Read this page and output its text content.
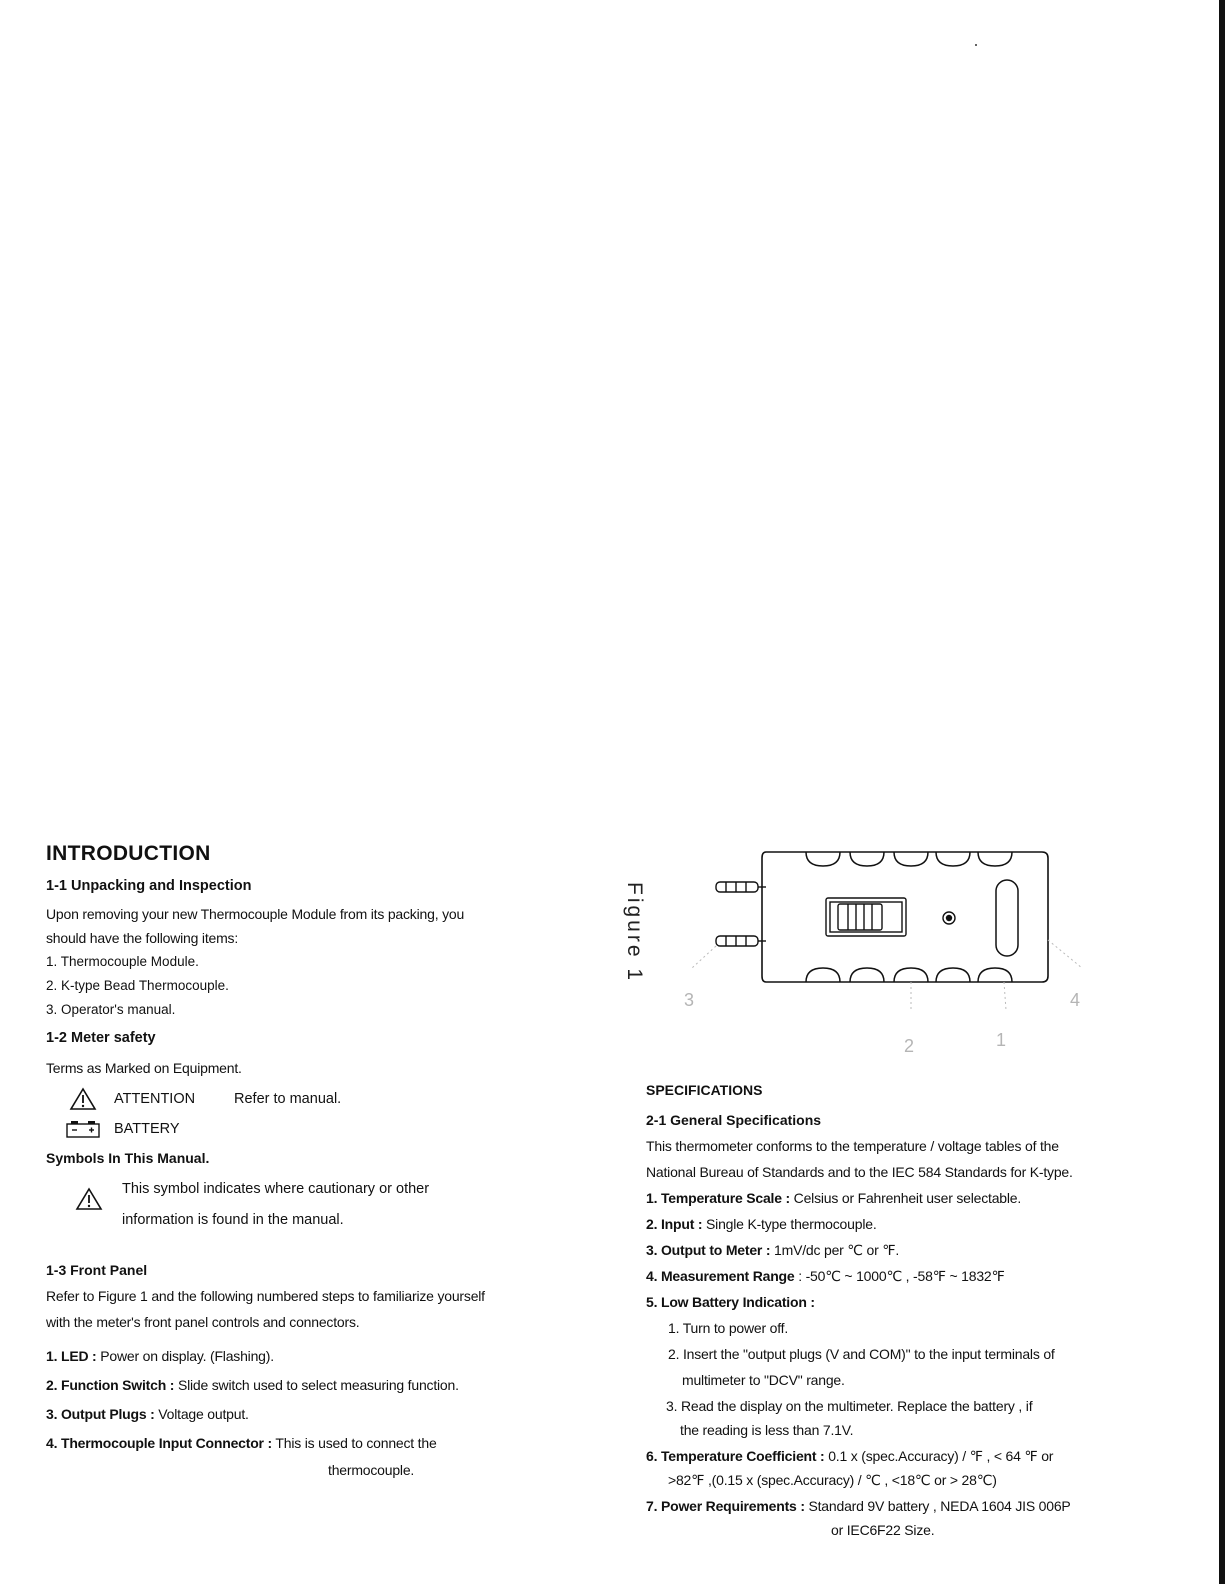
INTRODUCTION

1-1 Unpacking and Inspection

Upon removing your new Thermocouple Module from its packing, you

should have the following items:

1. Thermocouple Module.

2. K-type Bead Thermocouple.

3. Operator's manual.

1-2 Meter safety

Terms as Marked on Equipment.

ATTENTION	Refer to manual.
BATTERY

Symbols In This Manual.

This symbol indicates where cautionary or other
information is found in the manual.

1-3 Front Panel

Refer to Figure 1 and the following numbered steps to familiarize yourself

with the meter's front panel controls and connectors.

1. LED : Power on display. (Flashing).

2. Function Switch : Slide switch used to select measuring function.

3. Output Plugs : Voltage output.

4. Thermocouple Input Connector : This is used to connect the

thermocouple.

Figure 1
3	4
2	1

SPECIFICATIONS

2-1 General Specifications

This thermometer conforms to the temperature / voltage tables of the

National Bureau of Standards and to the IEC 584 Standards for K-type.

1. Temperature Scale : Celsius or Fahrenheit user selectable.

2. Input : Single K-type thermocouple.

3. Output to Meter : 1mV/dc per ℃ or ℉.

4. Measurement Range : -50℃ ~ 1000℃ , -58℉ ~ 1832℉

5. Low Battery Indication :

1. Turn to power off.

2. Insert the "output plugs (V and COM)" to the input terminals of

multimeter to "DCV" range.

3. Read the display on the multimeter. Replace the battery , if

the reading is less than 7.1V.

6. Temperature Coefficient : 0.1 x (spec.Accuracy) / ℉ , < 64 ℉ or

>82℉ ,(0.15 x (spec.Accuracy) / ℃ , <18℃ or > 28℃)

7. Power Requirements : Standard 9V battery , NEDA 1604 JIS 006P

or IEC6F22 Size.
